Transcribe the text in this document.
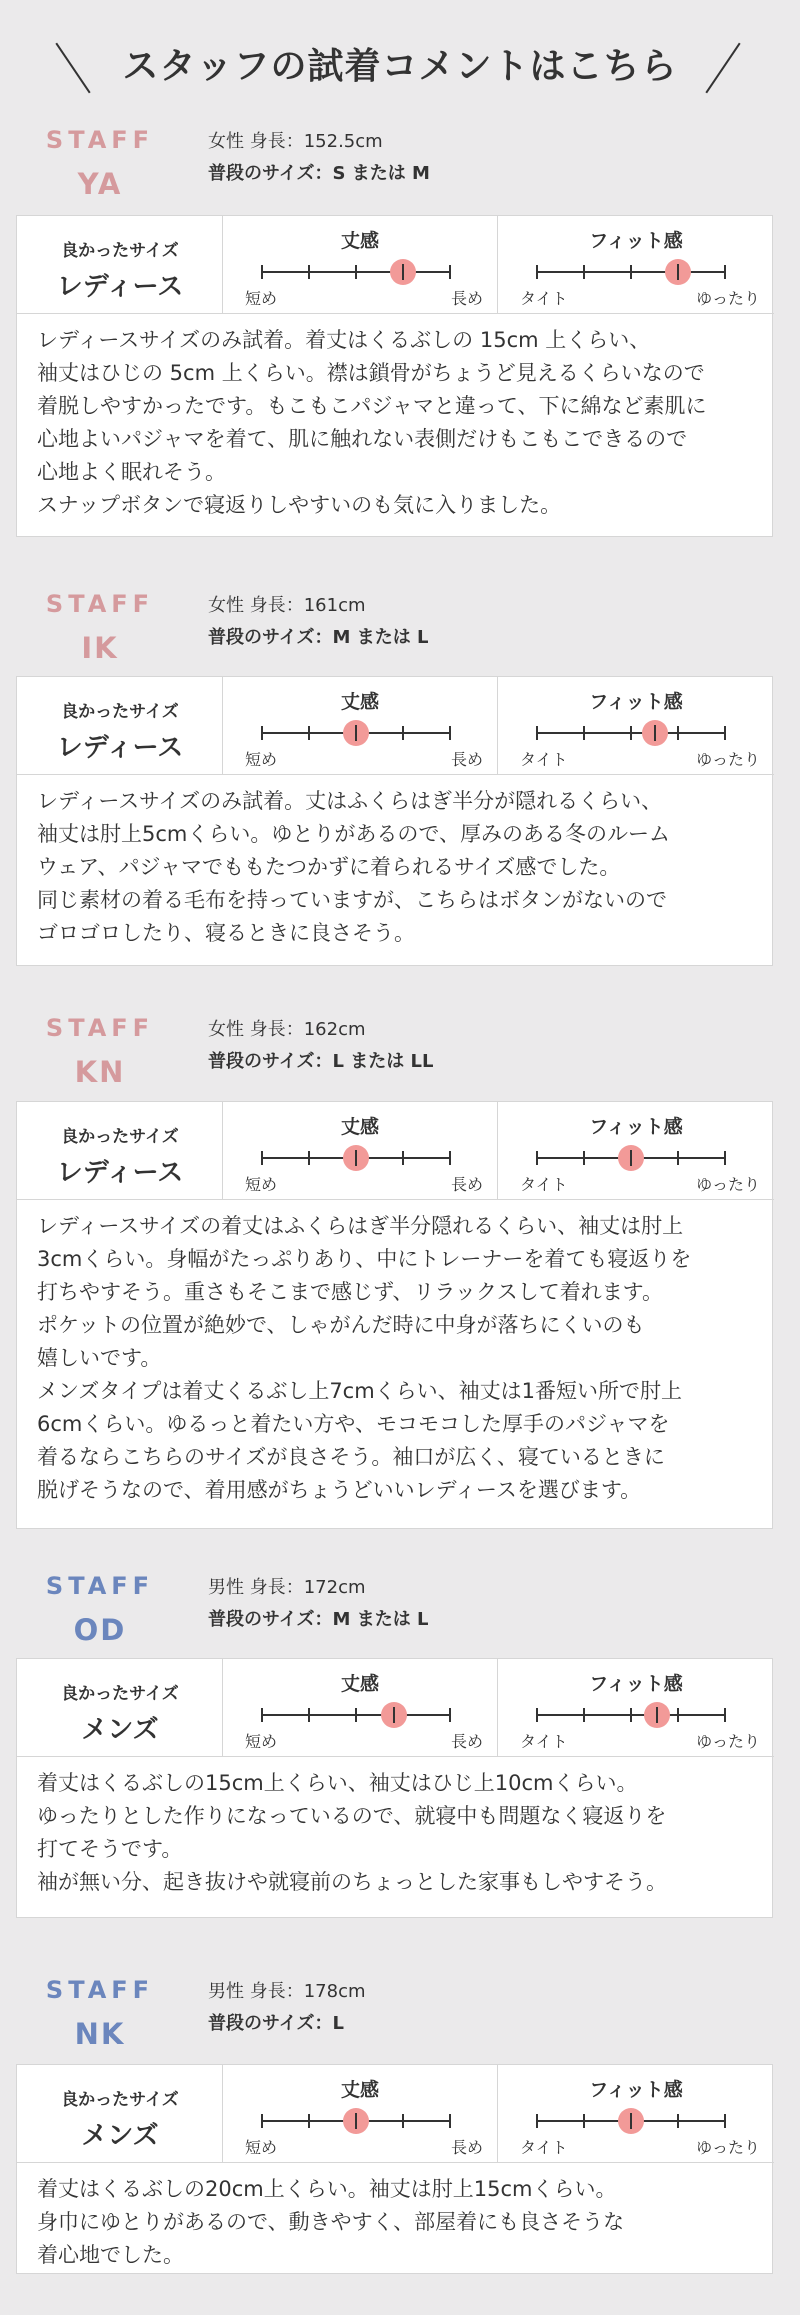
スタッフの試着コメントはこちら
STAFF
YA
女性 身長：152.5cm
普段のサイズ：S または M
良かったサイズ
レディース
丈感
短め	長め
フィット感
タイト	ゆったり
レディースサイズのみ試着。着丈はくるぶしの 15cm 上くらい、
袖丈はひじの 5cm 上くらい。襟は鎖骨がちょうど見えるくらいなので
着脱しやすかったです。もこもこパジャマと違って、下に綿など素肌に
心地よいパジャマを着て、肌に触れない表側だけもこもこできるので
心地よく眠れそう。
スナップボタンで寝返りしやすいのも気に入りました。
STAFF
IK
女性 身長：161cm
普段のサイズ：M または L
良かったサイズ
レディース
丈感
短め	長め
フィット感
タイト	ゆったり
レディースサイズのみ試着。丈はふくらはぎ半分が隠れるくらい、
袖丈は肘上5cmくらい。ゆとりがあるので、厚みのある冬のルーム
ウェア、パジャマでももたつかずに着られるサイズ感でした。
同じ素材の着る毛布を持っていますが、こちらはボタンがないので
ゴロゴロしたり、寝るときに良さそう。
STAFF
KN
女性 身長：162cm
普段のサイズ：L または LL
良かったサイズ
レディース
丈感
短め	長め
フィット感
タイト	ゆったり
レディースサイズの着丈はふくらはぎ半分隠れるくらい、袖丈は肘上
3cmくらい。身幅がたっぷりあり、中にトレーナーを着ても寝返りを
打ちやすそう。重さもそこまで感じず、リラックスして着れます。
ポケットの位置が絶妙で、しゃがんだ時に中身が落ちにくいのも
嬉しいです。
メンズタイプは着丈くるぶし上7cmくらい、袖丈は1番短い所で肘上
6cmくらい。ゆるっと着たい方や、モコモコした厚手のパジャマを
着るならこちらのサイズが良さそう。袖口が広く、寝ているときに
脱げそうなので、着用感がちょうどいいレディースを選びます。
STAFF
OD
男性 身長：172cm
普段のサイズ：M または L
良かったサイズ
メンズ
丈感
短め	長め
フィット感
タイト	ゆったり
着丈はくるぶしの15cm上くらい、袖丈はひじ上10cmくらい。
ゆったりとした作りになっているので、就寝中も問題なく寝返りを
打てそうです。
袖が無い分、起き抜けや就寝前のちょっとした家事もしやすそう。
STAFF
NK
男性 身長：178cm
普段のサイズ：L
良かったサイズ
メンズ
丈感
短め	長め
フィット感
タイト	ゆったり
着丈はくるぶしの20cm上くらい。袖丈は肘上15cmくらい。
身巾にゆとりがあるので、動きやすく、部屋着にも良さそうな
着心地でした。
